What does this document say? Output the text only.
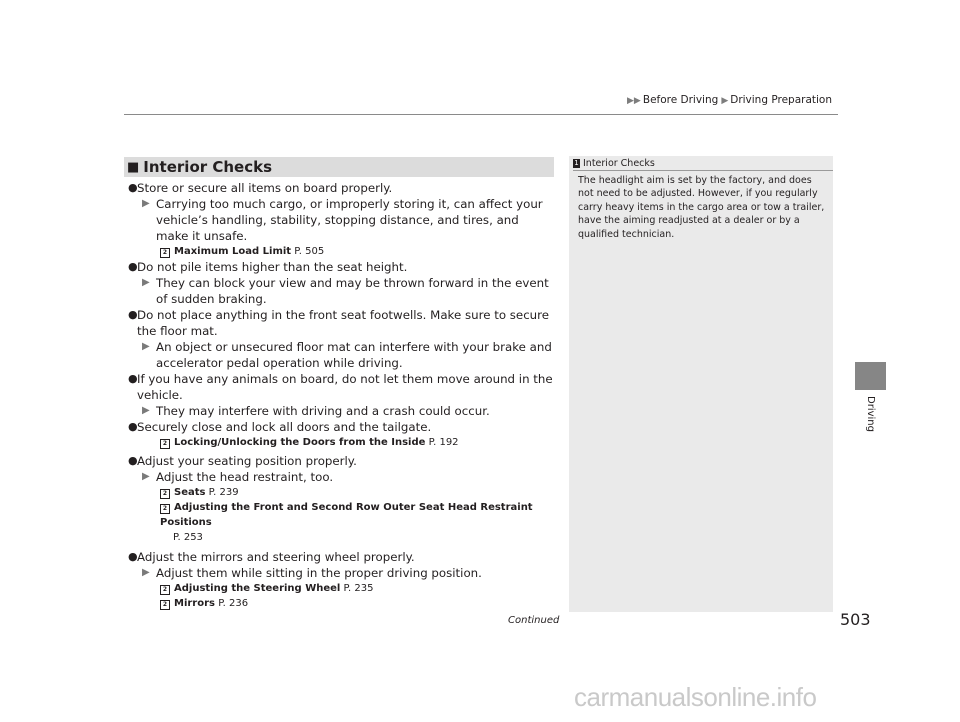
▶▶ Before Driving ▶ Driving Preparation
Driving
■ Interior Checks
● Store or secure all items on board properly.
▶ Carrying too much cargo, or improperly storing it, can affect your vehicle’s handling, stability, stopping distance, and tires, and make it unsafe.
2 Maximum Load Limit P. 505
● Do not pile items higher than the seat height.
▶ They can block your view and may be thrown forward in the event of sudden braking.
● Do not place anything in the front seat footwells. Make sure to secure the floor mat.
▶ An object or unsecured floor mat can interfere with your brake and accelerator pedal operation while driving.
● If you have any animals on board, do not let them move around in the vehicle.
▶ They may interfere with driving and a crash could occur.
● Securely close and lock all doors and the tailgate.
2 Locking/Unlocking the Doors from the Inside P. 192
● Adjust your seating position properly.
▶ Adjust the head restraint, too.
2 Seats P. 239
2 Adjusting the Front and Second Row Outer Seat Head Restraint Positions
P. 253
● Adjust the mirrors and steering wheel properly.
▶ Adjust them while sitting in the proper driving position.
2 Adjusting the Steering Wheel P. 235
2 Mirrors P. 236
1 Interior Checks
The headlight aim is set by the factory, and does not need to be adjusted. However, if you regularly carry heavy items in the cargo area or tow a trailer, have the aiming readjusted at a dealer or by a qualified technician.
Continued	503
carmanualsonline.info
